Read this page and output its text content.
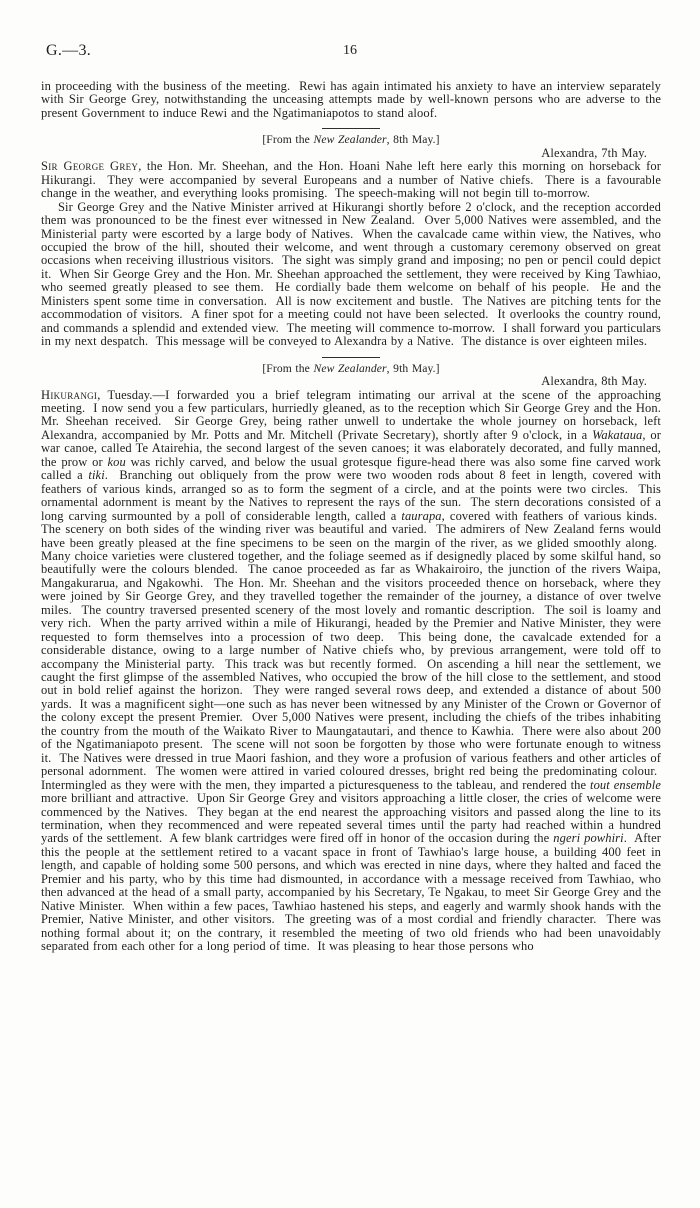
G.—3.	16

in proceeding with the business of the meeting.  Rewi has again intimated his anxiety to have an interview separately with Sir George Grey, notwithstanding the unceasing attempts made by well-known persons who are adverse to the present Government to induce Rewi and the Ngatimaniapotos to stand aloof.

[From the New Zealander, 8th May.]

Alexandra, 7th May.

Sir George Grey, the Hon. Mr. Sheehan, and the Hon. Hoani Nahe left here early this morning on horseback for Hikurangi.  They were accompanied by several Europeans and a number of Native chiefs.  There is a favourable change in the weather, and everything looks promising.  The speech-making will not begin till to-morrow.

Sir George Grey and the Native Minister arrived at Hikurangi shortly before 2 o'clock, and the reception accorded them was pronounced to be the finest ever witnessed in New Zealand.  Over 5,000 Natives were assembled, and the Ministerial party were escorted by a large body of Natives.  When the cavalcade came within view, the Natives, who occupied the brow of the hill, shouted their welcome, and went through a customary ceremony observed on great occasions when receiving illustrious visitors.  The sight was simply grand and imposing; no pen or pencil could depict it.  When Sir George Grey and the Hon. Mr. Sheehan approached the settlement, they were received by King Tawhiao, who seemed greatly pleased to see them.  He cordially bade them welcome on behalf of his people.  He and the Ministers spent some time in conversation.  All is now excitement and bustle.  The Natives are pitching tents for the accommodation of visitors.  A finer spot for a meeting could not have been selected.  It overlooks the country round, and commands a splendid and extended view.  The meeting will commence to-morrow.  I shall forward you particulars in my next despatch.  This message will be conveyed to Alexandra by a Native.  The distance is over eighteen miles.

[From the New Zealander, 9th May.]

Alexandra, 8th May.

Hikurangi, Tuesday.—I forwarded you a brief telegram intimating our arrival at the scene of the approaching meeting.  I now send you a few particulars, hurriedly gleaned, as to the reception which Sir George Grey and the Hon. Mr. Sheehan received.  Sir George Grey, being rather unwell to undertake the whole journey on horseback, left Alexandra, accompanied by Mr. Potts and Mr. Mitchell (Private Secretary), shortly after 9 o'clock, in a Wakataua, or war canoe, called Te Atairehia, the second largest of the seven canoes; it was elaborately decorated, and fully manned, the prow or kou was richly carved, and below the usual grotesque figure-head there was also some fine carved work called a tiki.  Branching out obliquely from the prow were two wooden rods about 8 feet in length, covered with feathers of various kinds, arranged so as to form the segment of a circle, and at the points were two circles.  This ornamental adornment is meant by the Natives to represent the rays of the sun.  The stern decorations consisted of a long carving surmounted by a poll of considerable length, called a taurapa, covered with feathers of various kinds.  The scenery on both sides of the winding river was beautiful and varied.  The admirers of New Zealand ferns would have been greatly pleased at the fine specimens to be seen on the margin of the river, as we glided smoothly along.  Many choice varieties were clustered together, and the foliage seemed as if designedly placed by some skilful hand, so beautifully were the colours blended.  The canoe proceeded as far as Whakairoiro, the junction of the rivers Waipa, Mangakurarua, and Ngakowhi.  The Hon. Mr. Sheehan and the visitors proceeded thence on horseback, where they were joined by Sir George Grey, and they travelled together the remainder of the journey, a distance of over twelve miles.  The country traversed presented scenery of the most lovely and romantic description.  The soil is loamy and very rich.  When the party arrived within a mile of Hikurangi, headed by the Premier and Native Minister, they were requested to form themselves into a procession of two deep.  This being done, the cavalcade extended for a considerable distance, owing to a large number of Native chiefs who, by previous arrangement, were told off to accompany the Ministerial party.  This track was but recently formed.  On ascending a hill near the settlement, we caught the first glimpse of the assembled Natives, who occupied the brow of the hill close to the settlement, and stood out in bold relief against the horizon.  They were ranged several rows deep, and extended a distance of about 500 yards.  It was a magnificent sight—one such as has never been witnessed by any Minister of the Crown or Governor of the colony except the present Premier.  Over 5,000 Natives were present, including the chiefs of the tribes inhabiting the country from the mouth of the Waikato River to Maungatautari, and thence to Kawhia.  There were also about 200 of the Ngatimaniapoto present.  The scene will not soon be forgotten by those who were fortunate enough to witness it.  The Natives were dressed in true Maori fashion, and they wore a profusion of various feathers and other articles of personal adornment.  The women were attired in varied coloured dresses, bright red being the predominating colour.  Intermingled as they were with the men, they imparted a picturesqueness to the tableau, and rendered the tout ensemble more brilliant and attractive.  Upon Sir George Grey and visitors approaching a little closer, the cries of welcome were commenced by the Natives.  They began at the end nearest the approaching visitors and passed along the line to its termination, when they recommenced and were repeated several times until the party had reached within a hundred yards of the settlement.  A few blank cartridges were fired off in honor of the occasion during the ngeri powhiri.  After this the people at the settlement retired to a vacant space in front of Tawhiao's large house, a building 400 feet in length, and capable of holding some 500 persons, and which was erected in nine days, where they halted and faced the Premier and his party, who by this time had dismounted, in accordance with a message received from Tawhiao, who then advanced at the head of a small party, accompanied by his Secretary, Te Ngakau, to meet Sir George Grey and the Native Minister.  When within a few paces, Tawhiao hastened his steps, and eagerly and warmly shook hands with the Premier, Native Minister, and other visitors.  The greeting was of a most cordial and friendly character.  There was nothing formal about it; on the contrary, it resembled the meeting of two old friends who had been unavoidably separated from each other for a long period of time.  It was pleasing to hear those persons who
